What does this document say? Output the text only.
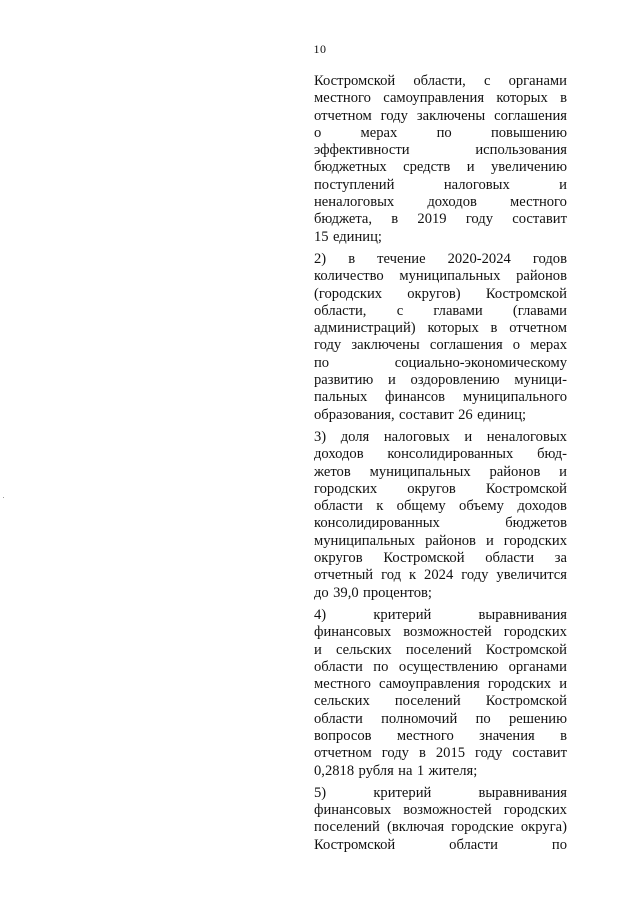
10
Костромской области, с органами
местного самоуправления которых в
отчетном году заключены соглашения
о	мерах	по	повышению
эффективности	использования
бюджетных средств и увеличению
поступлений	налоговых	и
неналоговых доходов местного
бюджета, в 2019 году составит
15 единиц;
2) в течение 2020-2024 годов
количество муниципальных районов
(городских округов) Костромской
области, с главами (главами
администраций) которых в отчетном
году заключены соглашения о мерах
по	социально-экономическому
развитию и оздоровлению муници-
пальных финансов муниципального
образования, составит 26 единиц;
3) доля налоговых и неналоговых
доходов консолидированных бюд-
жетов муниципальных районов и
городских округов Костромской
области к общему объему доходов
консолидированных	бюджетов
муниципальных районов и городских
округов Костромской области за
отчетный год к 2024 году увеличится
до 39,0 процентов;
4)	критерий	выравнивания
финансовых возможностей городских
и сельских поселений Костромской
области по осуществлению органами
местного самоуправления городских и
сельских поселений Костромской
области полномочий по решению
вопросов местного значения в
отчетном году в 2015 году составит
0,2818 рубля на 1 жителя;
5)	критерий	выравнивания
финансовых возможностей городских
поселений (включая городские округа)
Костромской	области	по
